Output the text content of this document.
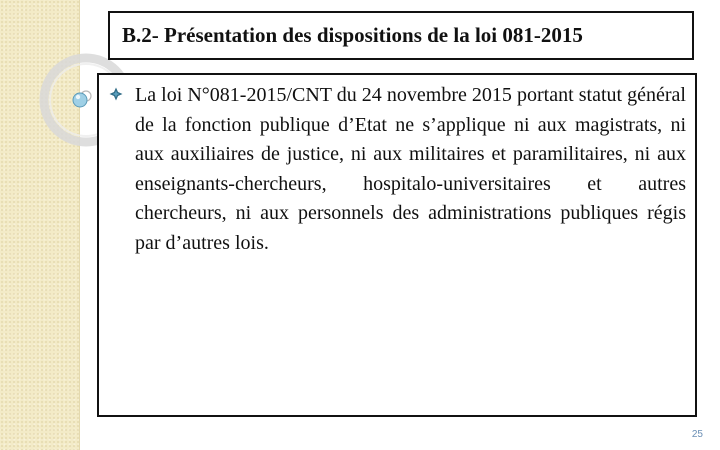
B.2- Présentation des dispositions de la loi 081-2015

La loi N°081-2015/CNT du 24 novembre 2015 portant statut général de la fonction publique d’Etat ne s’applique ni aux magistrats, ni aux auxiliaires de justice, ni aux militaires et paramilitaires, ni aux enseignants-chercheurs, hospitalo-universitaires et autres chercheurs, ni aux personnels des administrations publiques régis par d’autres lois.

25
